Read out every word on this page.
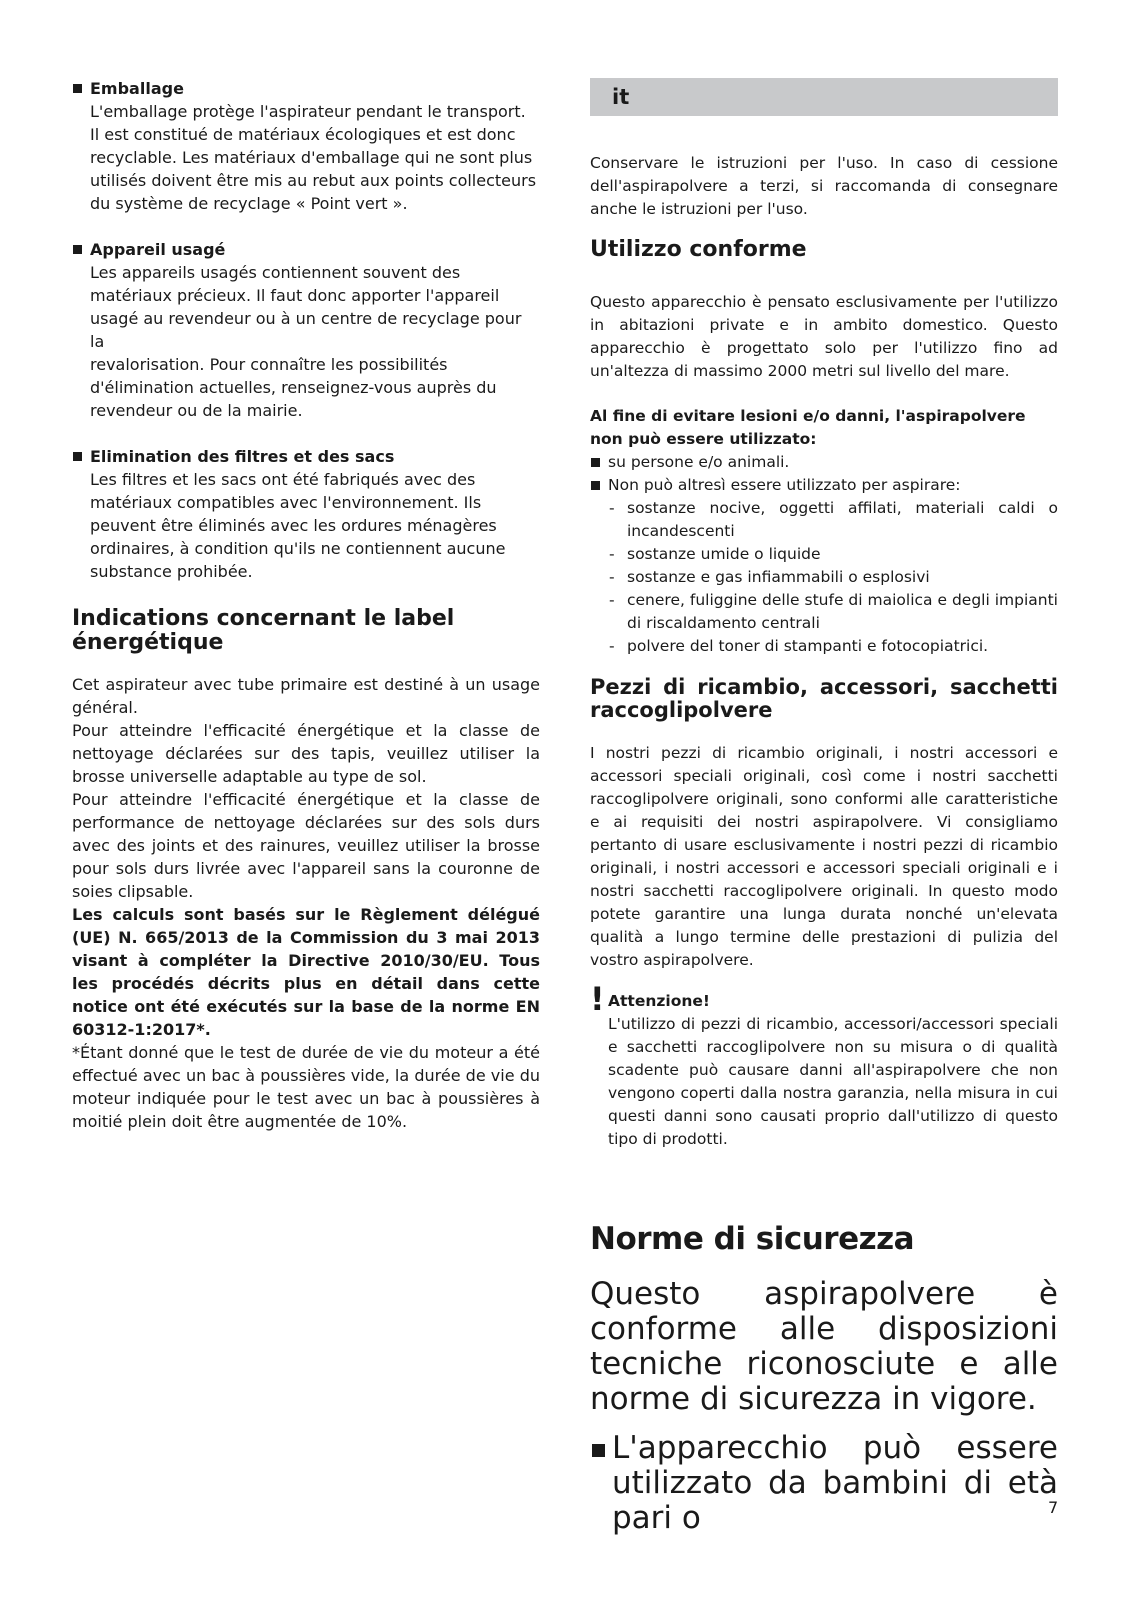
Emballage
L'emballage protège l'aspirateur pendant le transport.
Il est constitué de matériaux écologiques et est donc
recyclable. Les matériaux d'emballage qui ne sont plus
utilisés doivent être mis au rebut aux points collecteurs
du système de recyclage « Point vert ».
Appareil usagé
Les appareils usagés contiennent souvent des
matériaux précieux. Il faut donc apporter l'appareil
usagé au revendeur ou à un centre de recyclage pour la
revalorisation. Pour connaître les possibilités
d'élimination actuelles, renseignez-vous auprès du
revendeur ou de la mairie.
Elimination des filtres et des sacs
Les filtres et les sacs ont été fabriqués avec des
matériaux compatibles avec l'environnement. Ils
peuvent être éliminés avec les ordures ménagères
ordinaires, à condition qu'ils ne contiennent aucune
substance prohibée.
Indications concernant le label énergétique

Cet aspirateur avec tube primaire est destiné à un usage général.

Pour atteindre l'efficacité énergétique et la classe de nettoyage déclarées sur des tapis, veuillez utiliser la brosse universelle adaptable au type de sol.

Pour atteindre l'efficacité énergétique et la classe de performance de nettoyage déclarées sur des sols durs avec des joints et des rainures, veuillez utiliser la brosse pour sols durs livrée avec l'appareil sans la couronne de soies clipsable.

Les calculs sont basés sur le Règlement délégué (UE) N. 665/2013 de la Commission du 3 mai 2013 visant à compléter la Directive 2010/30/EU. Tous les procédés décrits plus en détail dans cette notice ont été exécutés sur la base de la norme EN 60312-1:2017*.

*Étant donné que le test de durée de vie du moteur a été effectué avec un bac à poussières vide, la durée de vie du moteur indiquée pour le test avec un bac à poussières à moitié plein doit être augmentée de 10%.

it

Conservare le istruzioni per l'uso. In caso di cessione dell'aspirapolvere a terzi, si raccomanda di consegnare anche le istruzioni per l'uso.

Utilizzo conforme

Questo apparecchio è pensato esclusivamente per l'utilizzo in abitazioni private e in ambito domestico. Questo apparecchio è progettato solo per l'utilizzo fino ad un'altezza di massimo 2000 metri sul livello del mare.

Al fine di evitare lesioni e/o danni, l'aspirapolvere non può essere utilizzato:

su persone e/o animali.
Non può altresì essere utilizzato per aspirare:
- sostanze nocive, oggetti affilati, materiali caldi o incandescenti
- sostanze umide o liquide
- sostanze e gas infiammabili o esplosivi
- cenere, fuliggine delle stufe di maiolica e degli impianti di riscaldamento centrali
- polvere del toner di stampanti e fotocopiatrici.
Pezzi di ricambio, accessori, sacchetti raccoglipolvere

I nostri pezzi di ricambio originali, i nostri accessori e accessori speciali originali, così come i nostri sacchetti raccoglipolvere originali, sono conformi alle caratteristiche e ai requisiti dei nostri aspirapolvere. Vi consigliamo pertanto di usare esclusivamente i nostri pezzi di ricambio originali, i nostri accessori e accessori speciali originali e i nostri sacchetti raccoglipolvere originali. In questo modo potete garantire una lunga durata nonché un'elevata qualità a lungo termine delle prestazioni di pulizia del vostro aspirapolvere.

! Attenzione!
L'utilizzo di pezzi di ricambio, accessori/accessori speciali e sacchetti raccoglipolvere non su misura o di qualità scadente può causare danni all'aspirapolvere che non vengono coperti dalla nostra garanzia, nella misura in cui questi danni sono causati proprio dall'utilizzo di questo tipo di prodotti.
Norme di sicurezza

Questo aspirapolvere è conforme alle disposizioni tecniche riconosciute e alle norme di sicurezza in vigore.

L'apparecchio può essere utilizzato da bambini di età pari o	7
